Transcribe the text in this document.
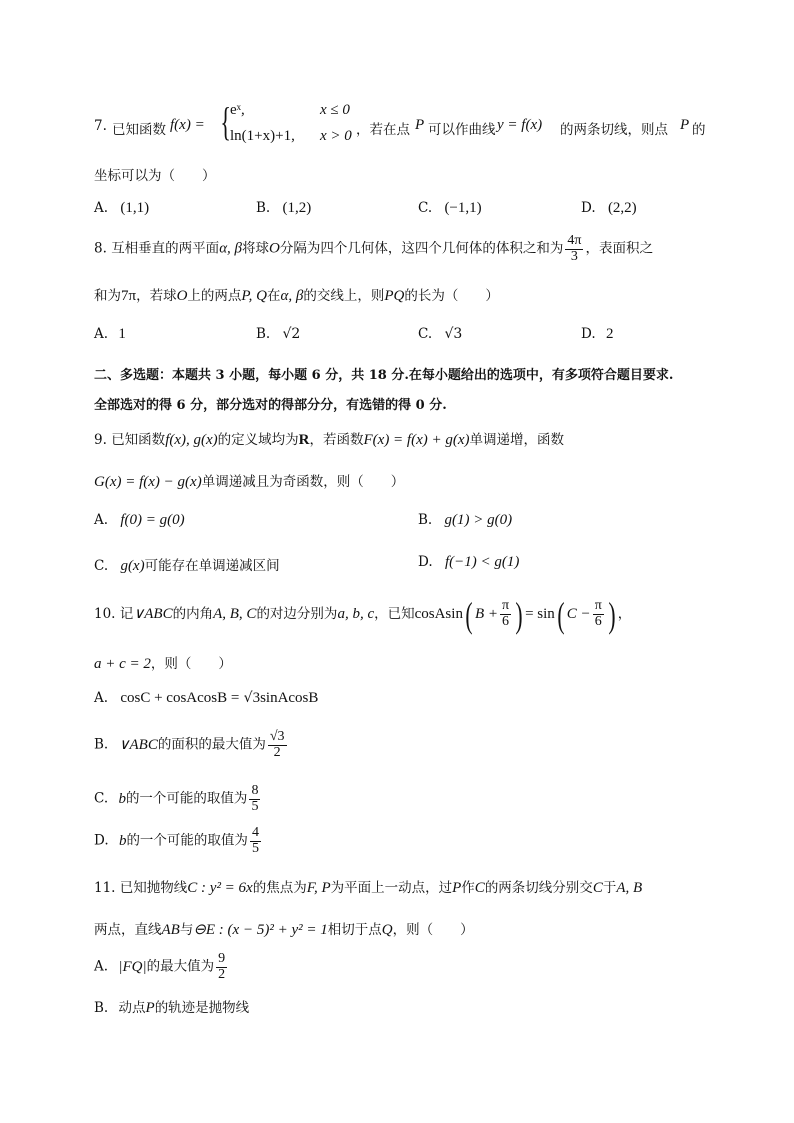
7. 已知函数 f(x) = { eˣ,	x ≤ 0
ln(1+x)+1, x > 0 ，若在点 P 可以作曲线 y = f(x) 的两条切线，则点 P 的
坐标可以为（　　）
A. (1,1)	B. (1,2)	C. (−1,1)	D. (2,2)
8. 互相垂直的两平面α, β将球O分隔为四个几何体，这四个几何体的体积之和为 $\frac{4\pi}{3}$ ，表面积之
和为7π，若球O上的两点P, Q在α, β的交线上，则PQ的长为（　　）
A. 1	B. √2	C. √3	D. 2
二、多选题：本题共 3 小题，每小题 6 分，共 18 分.在每小题给出的选项中，有多项符合题目要求.
全部选对的得 6 分，部分选对的得部分分，有选错的得 0 分.
9. 已知函数f(x), g(x)的定义域均为R，若函数F(x) = f(x) + g(x)单调递增，函数
G(x) = f(x) − g(x)单调递减且为奇函数，则（　　）
A. f(0) = g(0)	B. g(1) > g(0)
C. g(x)可能存在单调递减区间	D. f(−1) < g(1)
10. 记∨ABC的内角A, B, C的对边分别为a, b, c，已知cosAsin( $B + \frac{\pi}{6}$ ) = sin( $C - \frac{\pi}{6}$ ) ，
a + c = 2，则（　　）
A. cosC + cosAcosB = √3sinAcosB
B. ∨ABC的面积的最大值为 $\frac{√3}{2}$
C. b的一个可能的取值为 $\frac{8}{5}$
D. b的一个可能的取值为 $\frac{4}{5}$
11. 已知抛物线C : y² = 6x的焦点为F, P为平面上一动点，过P作C的两条切线分别交C于A, B
两点，直线AB与⊖E : (x − 5)² + y² = 1相切于点Q，则（　　）
A. |FQ|的最大值为 $\frac{9}{2}$
B. 动点P的轨迹是抛物线
